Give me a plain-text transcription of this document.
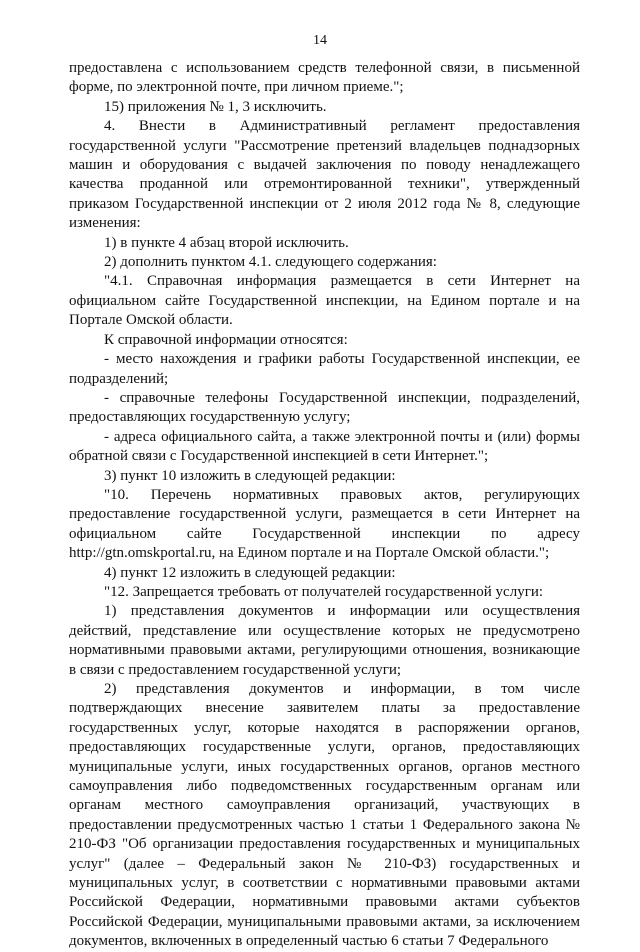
14

предоставлена с использованием средств телефонной связи, в письменной форме, по электронной почте, при личном приеме.";

15) приложения № 1, 3 исключить.

4. Внести в Административный регламент предоставления государственной услуги "Рассмотрение претензий владельцев поднадзорных машин и оборудования с выдачей заключения по поводу ненадлежащего качества проданной или отремонтированной техники", утвержденный приказом Государственной инспекции от 2 июля 2012 года № 8, следующие изменения:

1) в пункте 4 абзац второй исключить.

2) дополнить пунктом 4.1. следующего содержания:

"4.1. Справочная информация размещается в сети Интернет на официальном сайте Государственной инспекции, на Едином портале и на Портале Омской области.

К справочной информации относятся:

- место нахождения и графики работы Государственной инспекции, ее подразделений;

- справочные телефоны Государственной инспекции, подразделений, предоставляющих государственную услугу;

- адреса официального сайта, а также электронной почты и (или) формы обратной связи с Государственной инспекцией в сети Интернет.";

3) пункт 10 изложить в следующей редакции:

"10. Перечень нормативных правовых актов, регулирующих предоставление государственной услуги, размещается в сети Интернет на официальном сайте Государственной инспекции по адресу http://gtn.omskportal.ru, на Едином портале и на Портале Омской области.";

4) пункт 12 изложить в следующей редакции:

"12. Запрещается требовать от получателей государственной услуги:

1) представления документов и информации или осуществления действий, представление или осуществление которых не предусмотрено нормативными правовыми актами, регулирующими отношения, возникающие в связи с предоставлением государственной услуги;

2) представления документов и информации, в том числе подтверждающих внесение заявителем платы за предоставление государственных услуг, которые находятся в распоряжении органов, предоставляющих государственные услуги, органов, предоставляющих муниципальные услуги, иных государственных органов, органов местного самоуправления либо подведомственных государственным органам или органам местного самоуправления организаций, участвующих в предоставлении предусмотренных частью 1 статьи 1 Федерального закона № 210-ФЗ "Об организации предоставления государственных и муниципальных услуг" (далее – Федеральный закон № 210-ФЗ) государственных и муниципальных услуг, в соответствии с нормативными правовыми актами Российской Федерации, нормативными правовыми актами субъектов Российской Федерации, муниципальными правовыми актами, за исключением документов, включенных в определенный частью 6 статьи 7 Федерального
